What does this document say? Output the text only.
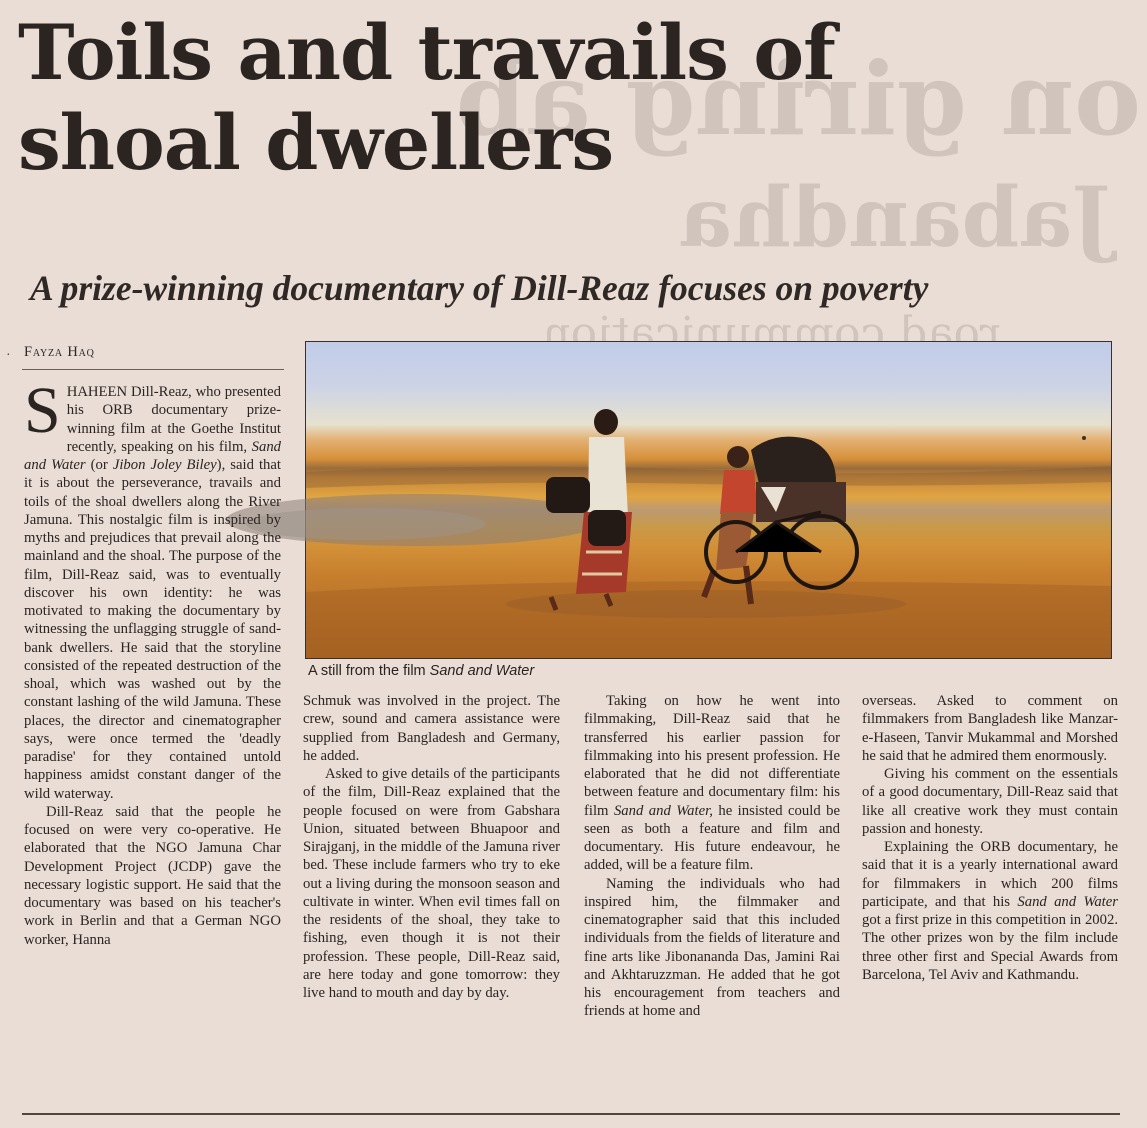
on giring ab
Jabandha
road communication
Toils and travails of
shoal dwellers
A prize-winning documentary of Dill-Reaz focuses on poverty
· Fayza Haq
A still from the film Sand and Water

SHAHEEN Dill-Reaz, who presented his ORB documentary prize-winning film at the Goethe Institut recently, speaking on his film, Sand and Water (or Jibon Joley Biley), said that it is about the perseverance, travails and toils of the shoal dwellers along the River Jamuna. This nostalgic film is inspired by myths and prejudices that prevail along the mainland and the shoal. The purpose of the film, Dill-Reaz said, was to eventually discover his own identity: he was motivated to making the documentary by witnessing the unflagging struggle of sand-bank dwellers. He said that the storyline consisted of the repeated destruction of the shoal, which was washed out by the constant lashing of the wild Jamuna. These places, the director and cinematographer says, were once termed the 'deadly paradise' for they contained untold happiness amidst constant danger of the wild waterway.

Dill-Reaz said that the people he focused on were very co-operative. He elaborated that the NGO Jamuna Char Development Project (JCDP) gave the necessary logistic support. He said that the documentary was based on his teacher's work in Berlin and that a German NGO worker, Hanna

Schmuk was involved in the project. The crew, sound and camera assistance were supplied from Bangladesh and Germany, he added.

Asked to give details of the participants of the film, Dill-Reaz explained that the people focused on were from Gabshara Union, situated between Bhuapoor and Sirajganj, in the middle of the Jamuna river bed. These include farmers who try to eke out a living during the monsoon season and cultivate in winter. When evil times fall on the residents of the shoal, they take to fishing, even though it is not their profession. These people, Dill-Reaz said, are here today and gone tomorrow: they live hand to mouth and day by day.

Taking on how he went into filmmaking, Dill-Reaz said that he transferred his earlier passion for filmmaking into his present profession. He elaborated that he did not differentiate between feature and documentary film: his film Sand and Water, he insisted could be seen as both a feature and film and documentary. His future endeavour, he added, will be a feature film.

Naming the individuals who had inspired him, the filmmaker and cinematographer said that this included individuals from the fields of literature and fine arts like Jibonananda Das, Jamini Rai and Akhtaruzzman. He added that he got his encouragement from teachers and friends at home and

overseas. Asked to comment on filmmakers from Bangladesh like Manzar-e-Haseen, Tanvir Mukammal and Morshed he said that he admired them enormously.

Giving his comment on the essentials of a good documentary, Dill-Reaz said that like all creative work they must contain passion and honesty.

Explaining the ORB documentary, he said that it is a yearly international award for filmmakers in which 200 films participate, and that his Sand and Water got a first prize in this competition in 2002. The other prizes won by the film include three other first and Special Awards from Barcelona, Tel Aviv and Kathmandu.
